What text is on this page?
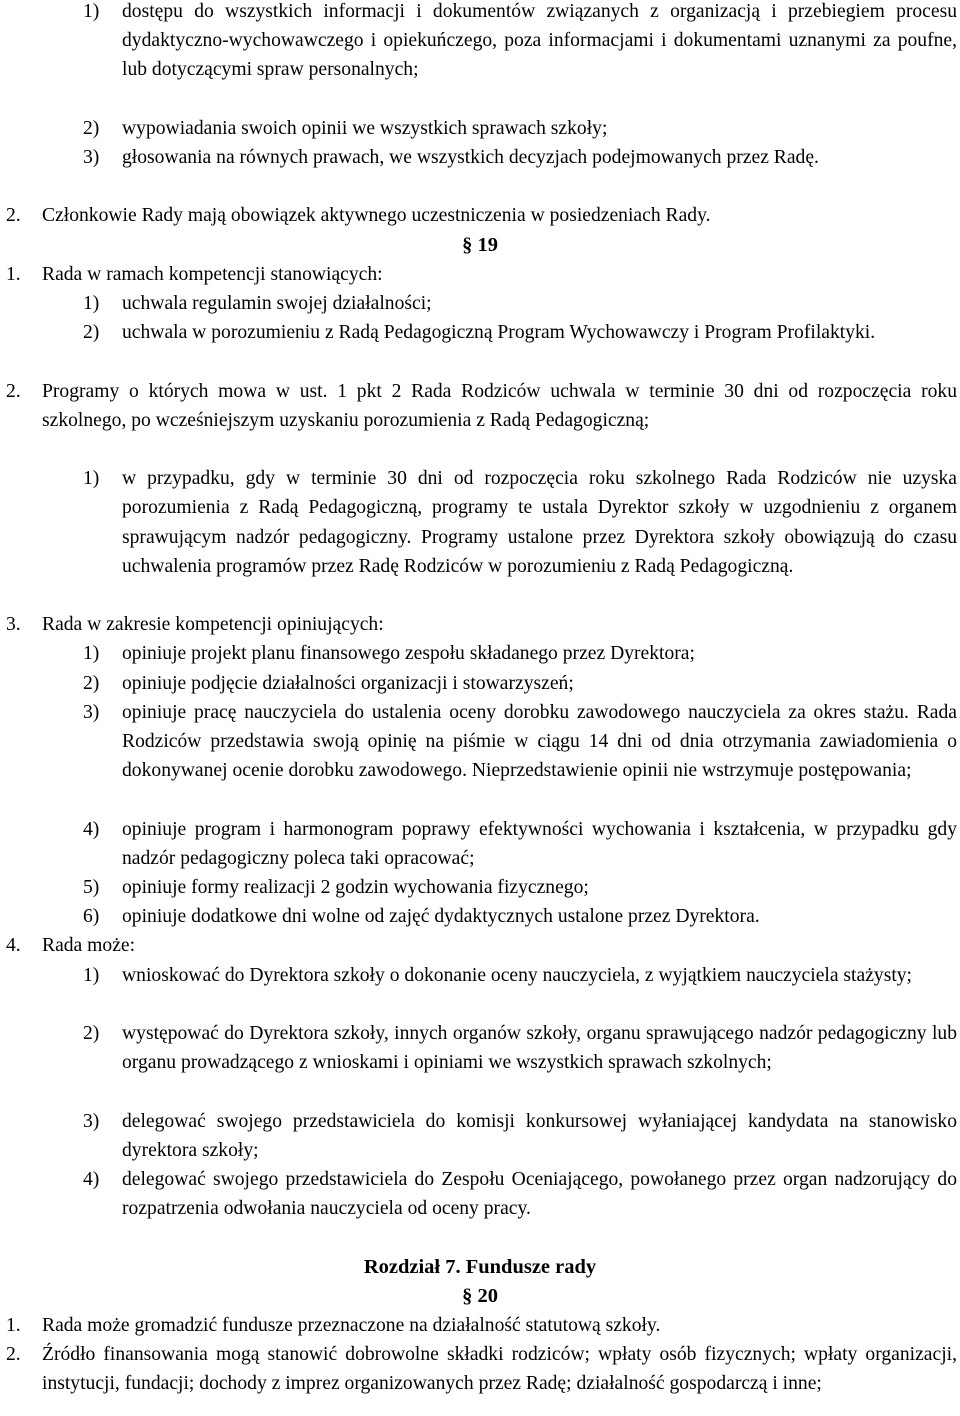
1) dostępu do wszystkich informacji i dokumentów związanych z organizacją i przebiegiem procesu dydaktyczno-wychowawczego i opiekuńczego, poza informacjami i dokumentami uznanymi za poufne, lub dotyczącymi spraw personalnych;
2) wypowiadania swoich opinii we wszystkich sprawach szkoły;
3) głosowania na równych prawach, we wszystkich decyzjach podejmowanych przez Radę.
2. Członkowie Rady mają obowiązek aktywnego uczestniczenia w posiedzeniach Rady.
§ 19
1. Rada w ramach kompetencji stanowiących:
1) uchwala regulamin swojej działalności;
2) uchwala w porozumieniu z Radą Pedagogiczną Program Wychowawczy i Program Profilaktyki.
2. Programy o których mowa w ust. 1 pkt 2 Rada Rodziców uchwala w terminie 30 dni od rozpoczęcia roku szkolnego, po wcześniejszym uzyskaniu porozumienia z Radą Pedagogiczną;
1) w przypadku, gdy w terminie 30 dni od rozpoczęcia roku szkolnego Rada Rodziców nie uzyska porozumienia z Radą Pedagogiczną, programy te ustala Dyrektor szkoły w uzgodnieniu z organem sprawującym nadzór pedagogiczny. Programy ustalone przez Dyrektora szkoły obowiązują do czasu uchwalenia programów przez Radę Rodziców w porozumieniu z Radą Pedagogiczną.
3. Rada w zakresie kompetencji opiniujących:
1) opiniuje projekt planu finansowego zespołu składanego przez Dyrektora;
2) opiniuje podjęcie działalności organizacji i stowarzyszeń;
3) opiniuje pracę nauczyciela do ustalenia oceny dorobku zawodowego nauczyciela za okres stażu. Rada Rodziców przedstawia swoją opinię na piśmie w ciągu 14 dni od dnia otrzymania zawiadomienia o dokonywanej ocenie dorobku zawodowego. Nieprzedstawienie opinii nie wstrzymuje postępowania;
4) opiniuje program i harmonogram poprawy efektywności wychowania i kształcenia, w przypadku gdy nadzór pedagogiczny poleca taki opracować;
5) opiniuje formy realizacji 2 godzin wychowania fizycznego;
6) opiniuje dodatkowe dni wolne od zajęć dydaktycznych ustalone przez Dyrektora.
4. Rada może:
1) wnioskować do Dyrektora szkoły o dokonanie oceny nauczyciela, z wyjątkiem nauczyciela stażysty;
2) występować do Dyrektora szkoły, innych organów szkoły, organu sprawującego nadzór pedagogiczny lub organu prowadzącego z wnioskami i opiniami we wszystkich sprawach szkolnych;
3) delegować swojego przedstawiciela do komisji konkursowej wyłaniającej kandydata na stanowisko dyrektora szkoły;
4) delegować swojego przedstawiciela do Zespołu Oceniającego, powołanego przez organ nadzorujący do rozpatrzenia odwołania nauczyciela od oceny pracy.
Rozdział 7. Fundusze rady
§ 20
1. Rada może gromadzić fundusze przeznaczone na działalność statutową szkoły.
2. Źródło finansowania mogą stanowić dobrowolne składki rodziców; wpłaty osób fizycznych; wpłaty organizacji, instytucji, fundacji; dochody z imprez organizowanych przez Radę; działalność gospodarczą i inne;
